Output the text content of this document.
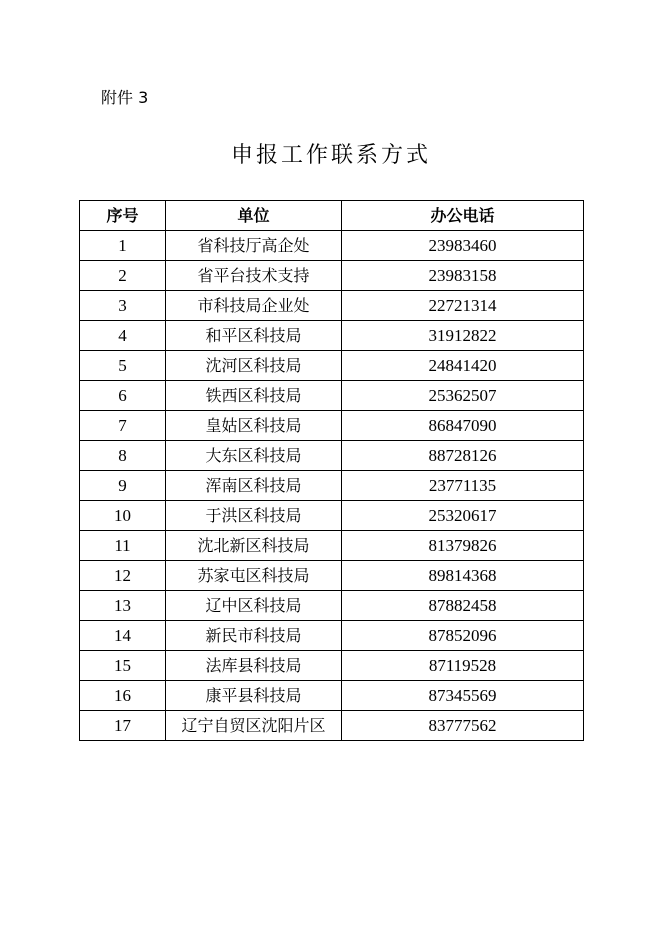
附件 3
申报工作联系方式
序号	单位	办公电话
1	省科技厅高企处	23983460
2	省平台技术支持	23983158
3	市科技局企业处	22721314
4	和平区科技局	31912822
5	沈河区科技局	24841420
6	铁西区科技局	25362507
7	皇姑区科技局	86847090
8	大东区科技局	88728126
9	浑南区科技局	23771135
10	于洪区科技局	25320617
11	沈北新区科技局	81379826
12	苏家屯区科技局	89814368
13	辽中区科技局	87882458
14	新民市科技局	87852096
15	法库县科技局	87119528
16	康平县科技局	87345569
17	辽宁自贸区沈阳片区	83777562
